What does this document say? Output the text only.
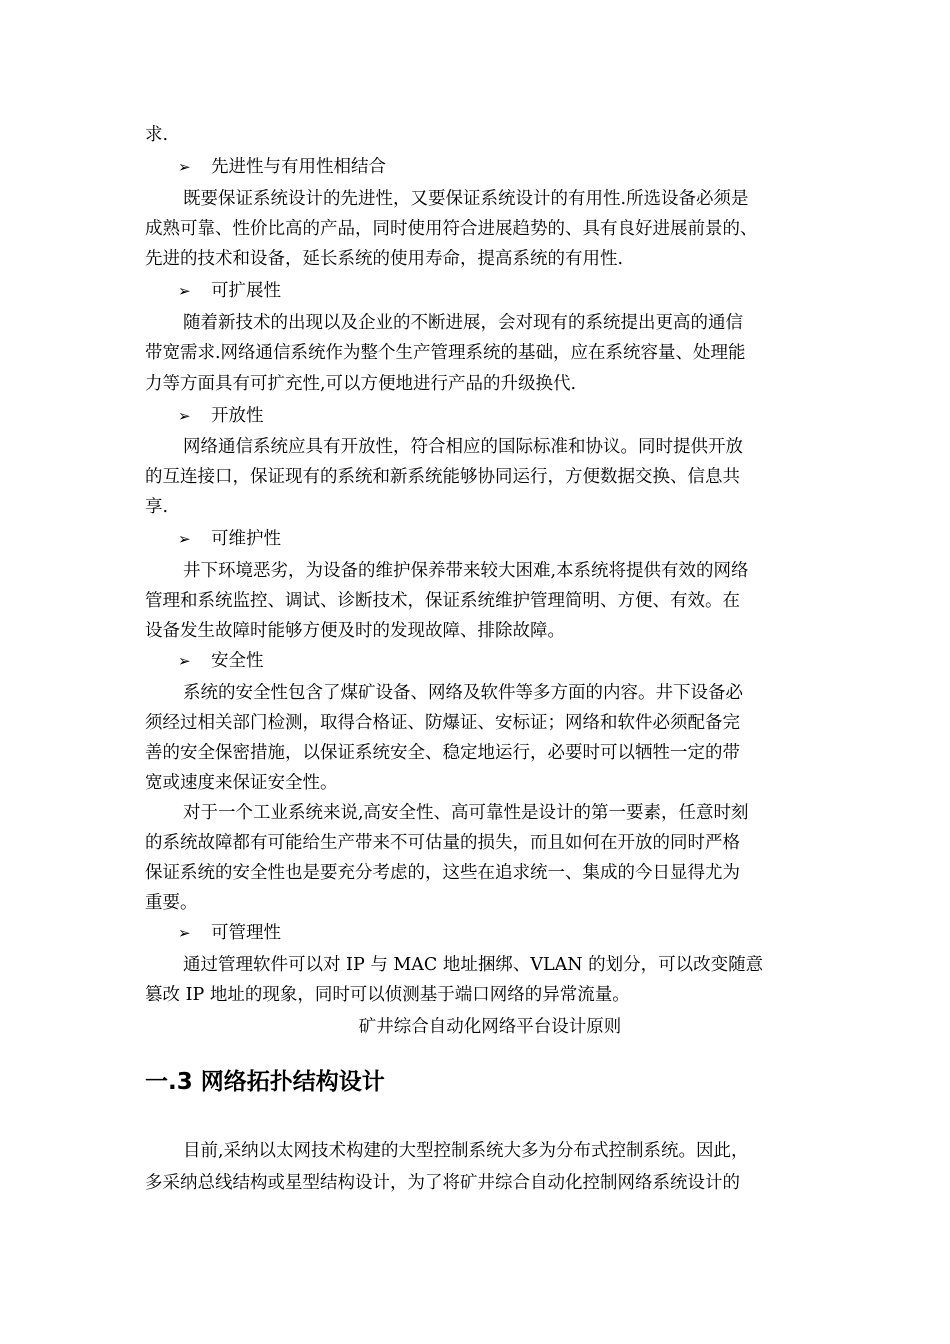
求.
➢ 先进性与有用性相结合
既要保证系统设计的先进性，又要保证系统设计的有用性.所选设备必须是
成熟可靠、性价比高的产品，同时使用符合进展趋势的、具有良好进展前景的、
先进的技术和设备，延长系统的使用寿命，提高系统的有用性.
➢ 可扩展性
随着新技术的出现以及企业的不断进展，会对现有的系统提出更高的通信
带宽需求.网络通信系统作为整个生产管理系统的基础，应在系统容量、处理能
力等方面具有可扩充性,可以方便地进行产品的升级换代.
➢ 开放性
网络通信系统应具有开放性，符合相应的国际标准和协议。同时提供开放
的互连接口，保证现有的系统和新系统能够协同运行，方便数据交换、信息共
享.
➢ 可维护性
井下环境恶劣，为设备的维护保养带来较大困难,本系统将提供有效的网络
管理和系统监控、调试、诊断技术，保证系统维护管理简明、方便、有效。在
设备发生故障时能够方便及时的发现故障、排除故障。
➢ 安全性
系统的安全性包含了煤矿设备、网络及软件等多方面的内容。井下设备必
须经过相关部门检测，取得合格证、防爆证、安标证；网络和软件必须配备完
善的安全保密措施，以保证系统安全、稳定地运行，必要时可以牺牲一定的带
宽或速度来保证安全性。
对于一个工业系统来说,高安全性、高可靠性是设计的第一要素，任意时刻
的系统故障都有可能给生产带来不可估量的损失，而且如何在开放的同时严格
保证系统的安全性也是要充分考虑的，这些在追求统一、集成的今日显得尤为
重要。
➢ 可管理性
通过管理软件可以对 IP 与 MAC 地址捆绑、VLAN 的划分，可以改变随意
篡改 IP 地址的现象，同时可以侦测基于端口网络的异常流量。
矿井综合自动化网络平台设计原则
一.3 网络拓扑结构设计
目前,采纳以太网技术构建的大型控制系统大多为分布式控制系统。因此，
多采纳总线结构或星型结构设计，为了将矿井综合自动化控制网络系统设计的
